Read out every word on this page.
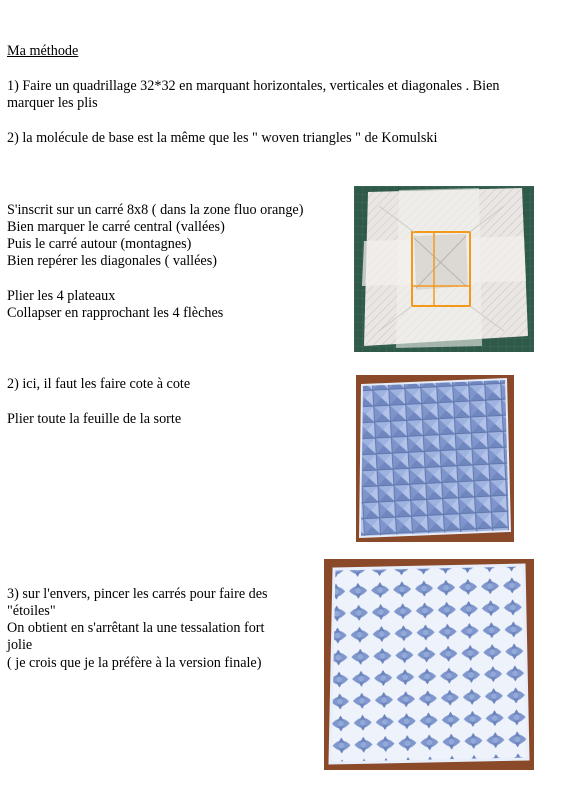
Ma méthode
1) Faire un quadrillage 32*32 en marquant horizontales, verticales et diagonales . Bien
marquer les plis
2) la molécule de base est la même que les " woven triangles " de Komulski
S'inscrit sur un carré 8x8 ( dans la zone fluo orange)
Bien marquer le carré central (vallées)
Puis le carré autour (montagnes)
Bien repérer les diagonales ( vallées)
Plier les 4 plateaux
Collapser en rapprochant les 4 flèches
2) ici, il faut les faire cote à cote
Plier toute la feuille de la sorte
3) sur l'envers, pincer les carrés pour faire des
"étoiles"
On obtient en s'arrêtant la une tessalation fort
jolie
( je crois que je la préfère à la version finale)
